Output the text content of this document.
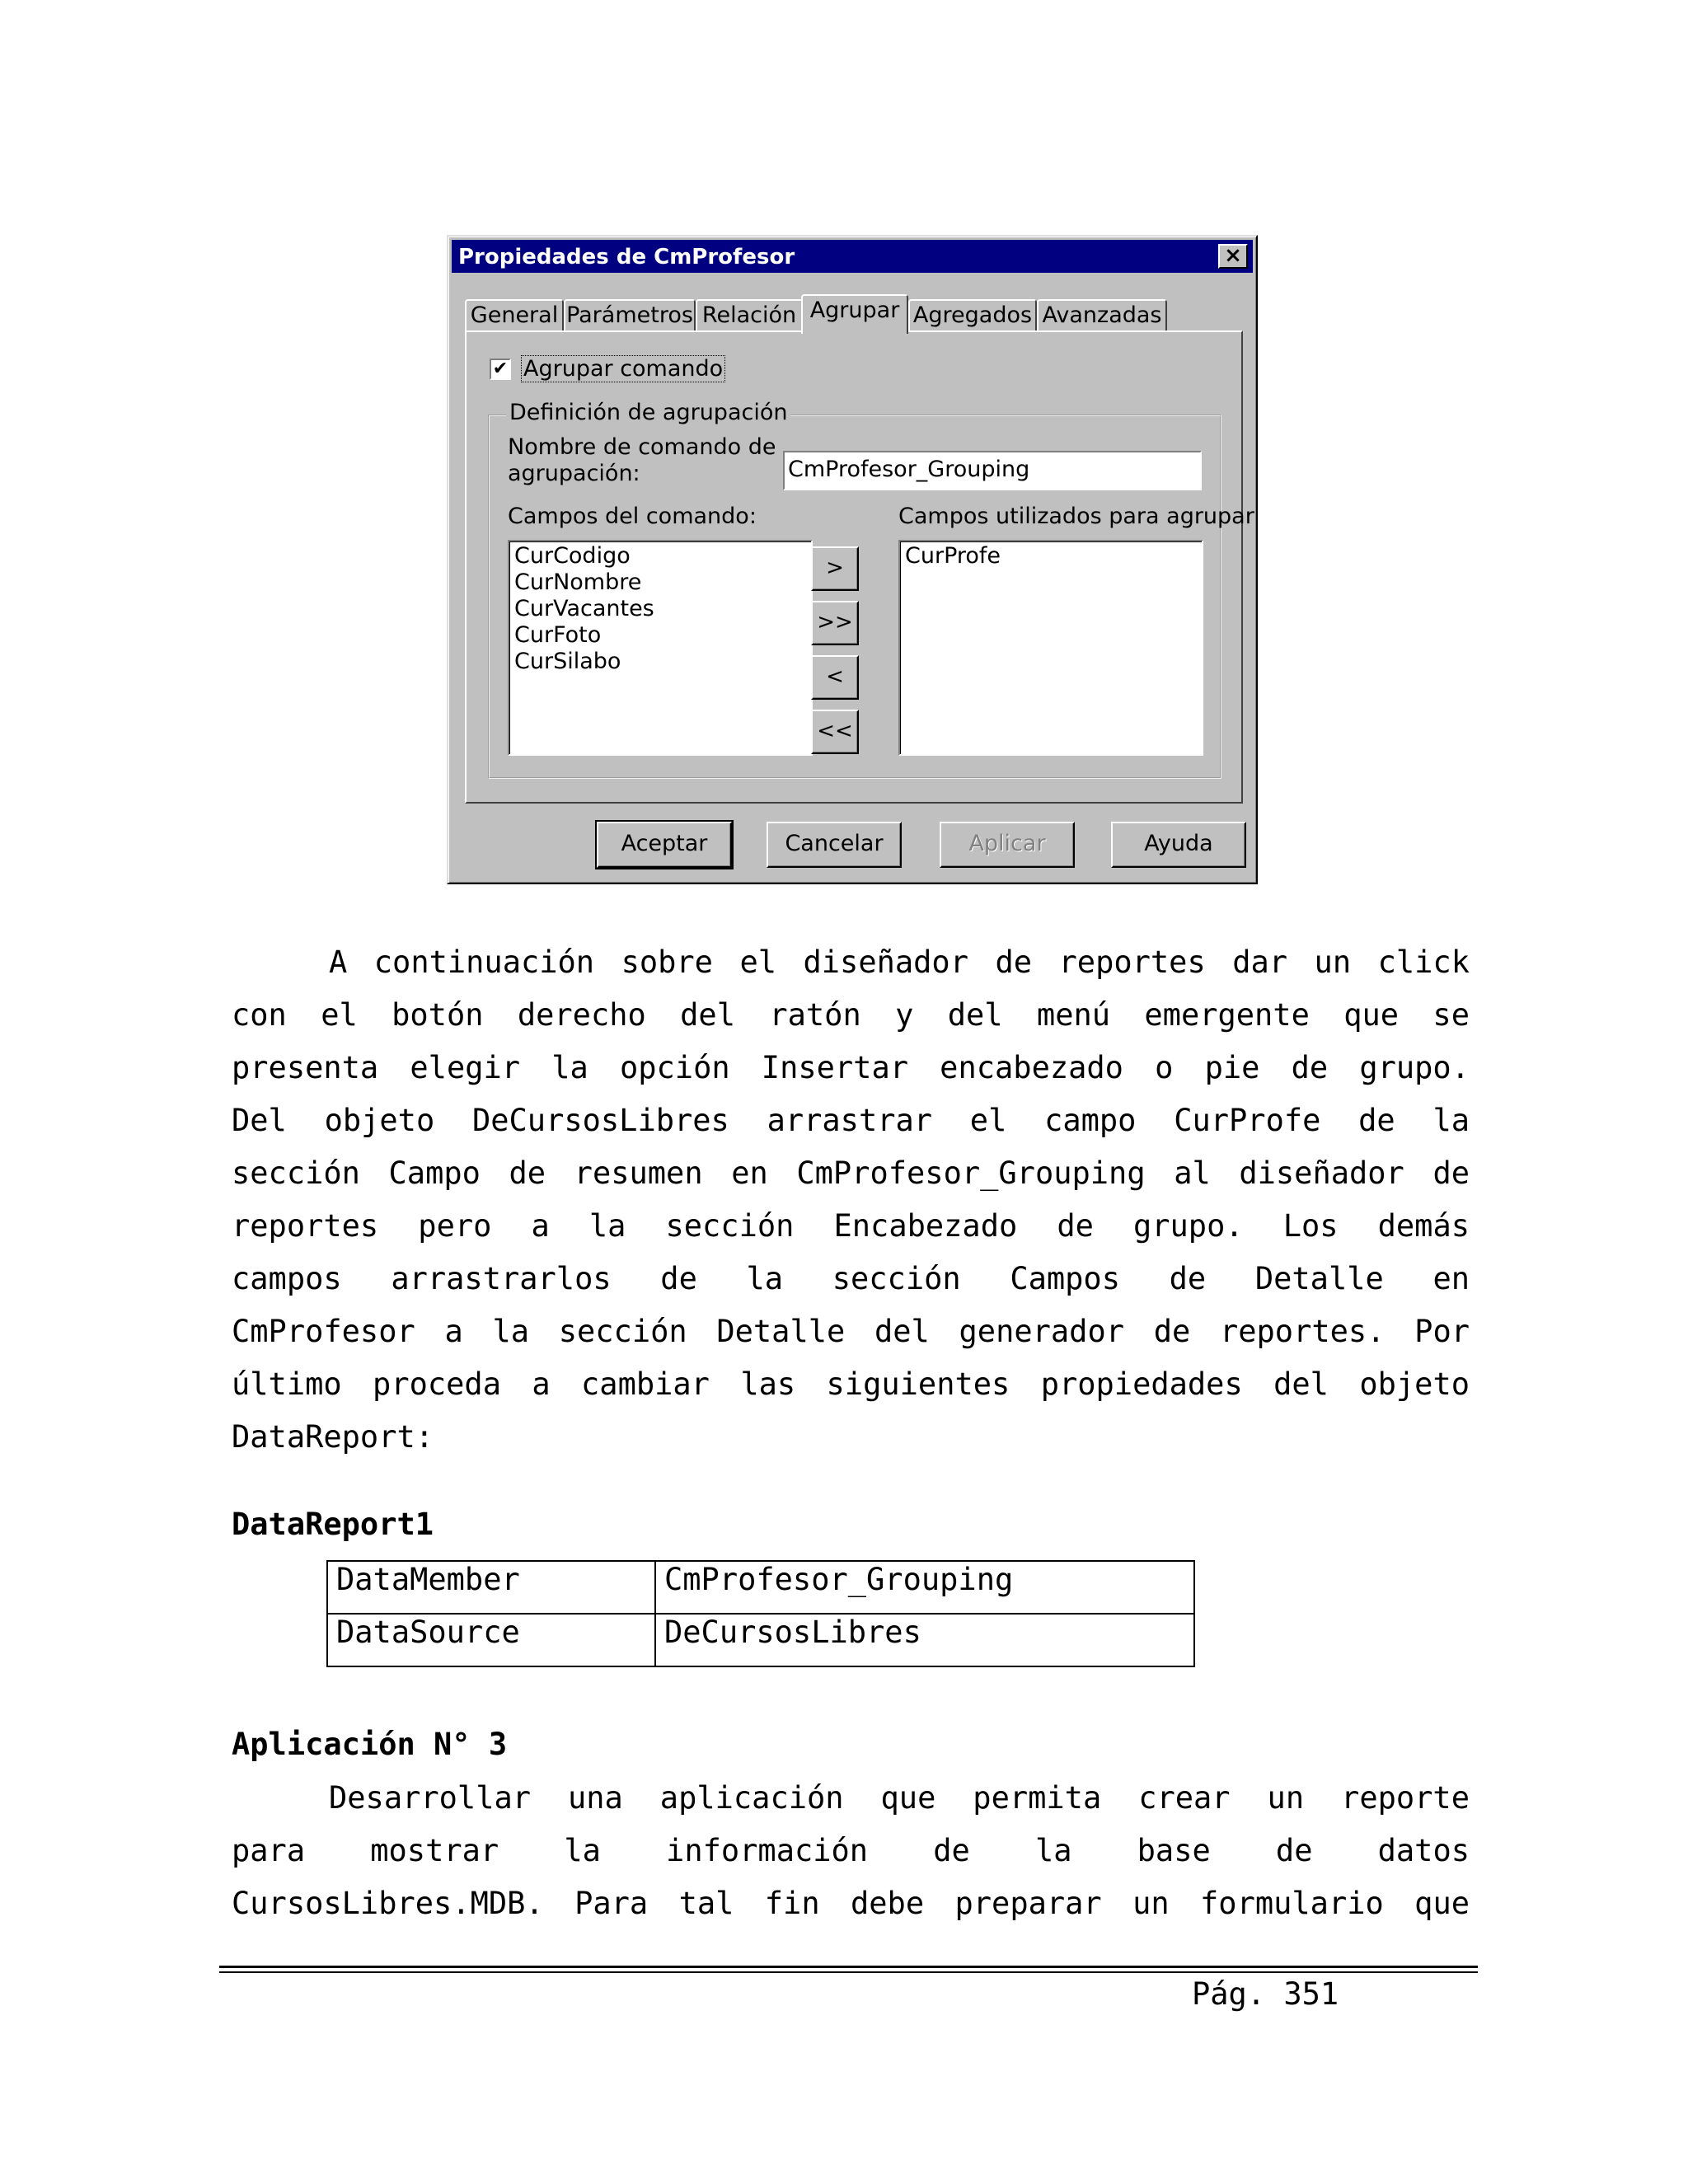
Propiedades de CmProfesor	×
General Parámetros Relación Agrupar Agregados Avanzadas
✔ Agrupar comando
Definición de agrupación
Nombre de comando de
agrupación:	CmProfesor_Grouping
Campos del comando:	Campos utilizados para agrupar
CurCodigo
CurNombre
CurVacantes
CurFoto
CurSilabo
>
>>
<
<<
CurProfe
Aceptar	Cancelar	Aplicar	Ayuda
A continuación sobre el diseñador de reportes dar un click
con el botón derecho del ratón y del menú emergente que se
presenta elegir la opción Insertar encabezado o pie de grupo.
Del objeto DeCursosLibres arrastrar el campo CurProfe de la
sección Campo de resumen en CmProfesor_Grouping al diseñador de
reportes pero a la sección Encabezado de grupo. Los demás
campos arrastrarlos de la sección Campos de Detalle en
CmProfesor a la sección Detalle del generador de reportes. Por
último proceda a cambiar las siguientes propiedades del objeto
DataReport:
DataReport1
DataMember	CmProfesor_Grouping
DataSource	DeCursosLibres
Aplicación N° 3
Desarrollar una aplicación que permita crear un reporte
para mostrar la información de la base de datos
CursosLibres.MDB. Para tal fin debe preparar un formulario que
Pág. 351
